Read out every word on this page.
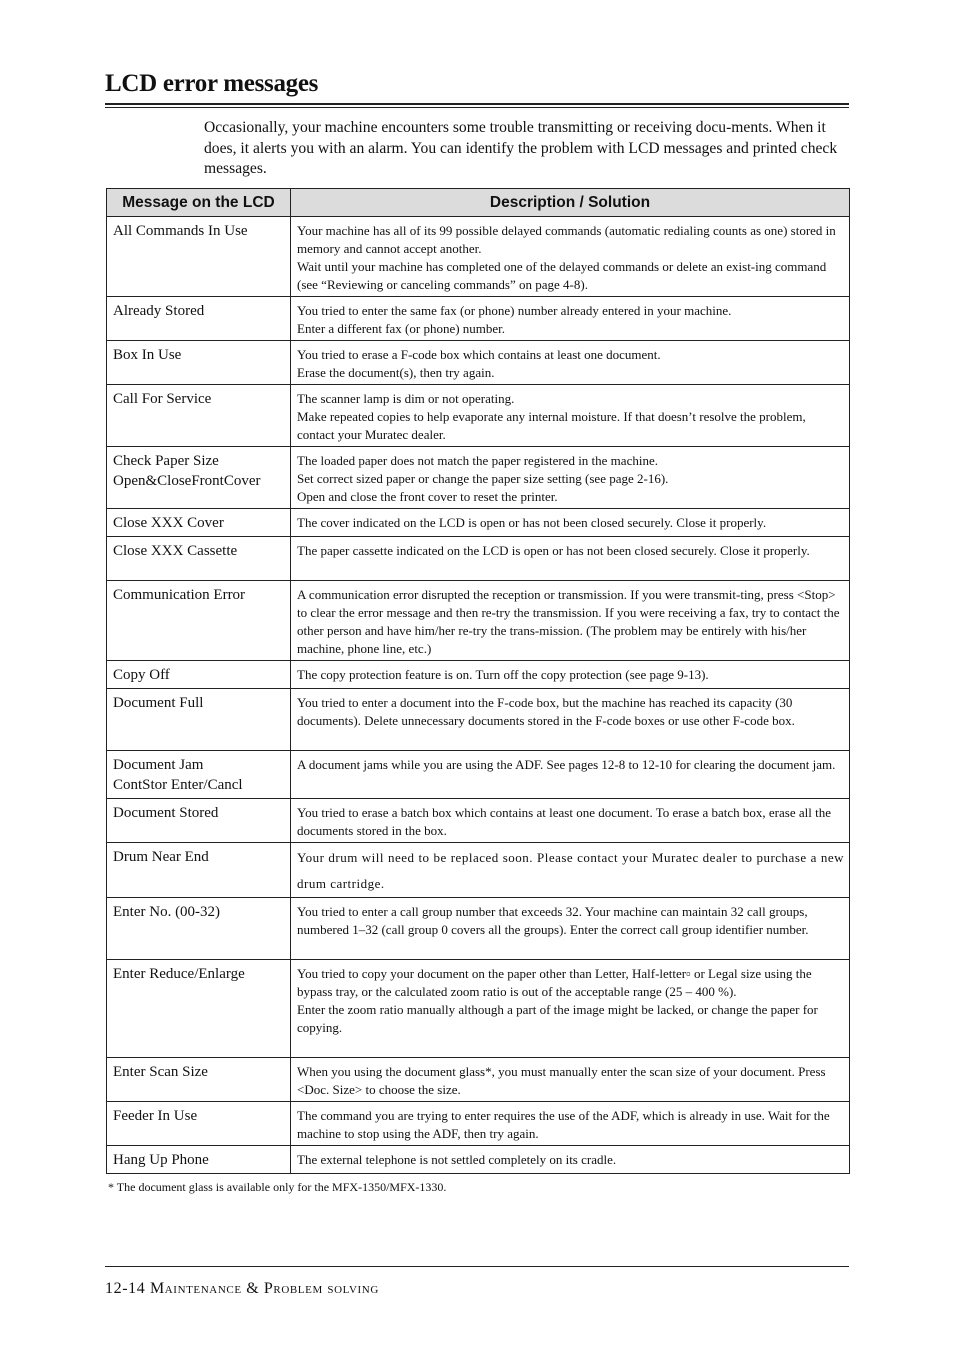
LCD error messages

Occasionally, your machine encounters some trouble transmitting or receiving docu-ments. When it does, it alerts you with an alarm. You can identify the problem with LCD messages and printed check messages.

Message on the LCD	Description / Solution

All Commands In Use	Your machine has all of its 99 possible delayed commands (automatic redialing counts as one) stored in memory and cannot accept another.
Wait until your machine has completed one of the delayed commands or delete an exist-ing command (see “Reviewing or canceling commands” on page 4-8).

Already Stored	You tried to enter the same fax (or phone) number already entered in your machine.
Enter a different fax (or phone) number.

Box In Use	You tried to erase a F-code box which contains at least one document.
Erase the document(s), then try again.

Call For Service	The scanner lamp is dim or not operating.
Make repeated copies to help evaporate any internal moisture. If that doesn’t resolve the problem, contact your Muratec dealer.

Check Paper Size
Open&CloseFrontCover	The loaded paper does not match the paper registered in the machine.
Set correct sized paper or change the paper size setting (see page 2-16).
Open and close the front cover to reset the printer.

Close XXX Cover	The cover indicated on the LCD is open or has not been closed securely. Close it properly.

Close XXX Cassette	The paper cassette indicated on the LCD is open or has not been closed securely. Close it properly.

Communication Error	A communication error disrupted the reception or transmission. If you were transmit-ting, press <Stop> to clear the error message and then re-try the transmission. If you were receiving a fax, try to contact the other person and have him/her re-try the trans-mission. (The problem may be entirely with his/her machine, phone line, etc.)

Copy Off	The copy protection feature is on. Turn off the copy protection (see page 9-13).

Document Full	You tried to enter a document into the F-code box, but the machine has reached its capacity (30 documents). Delete unnecessary documents stored in the F-code boxes or use other F-code box.

Document Jam
ContStor Enter/Cancl	A document jams while you are using the ADF. See pages 12-8 to 12-10 for clearing the document jam.

Document Stored	You tried to erase a batch box which contains at least one document. To erase a batch box, erase all the documents stored in the box.

Drum Near End	Your drum will need to be replaced soon. Please contact your Muratec dealer to purchase a new drum cartridge.

Enter No. (00-32)	You tried to enter a call group number that exceeds 32. Your machine can maintain 32 call groups, numbered 1–32 (call group 0 covers all the groups). Enter the correct call group identifier number.

Enter Reduce/Enlarge	You tried to copy your document on the paper other than Letter, Half-letter▫ or Legal size using the bypass tray, or the calculated zoom ratio is out of the acceptable range (25 – 400 %).
Enter the zoom ratio manually although a part of the image might be lacked, or change the paper for copying.

Enter Scan Size	When you using the document glass*, you must manually enter the scan size of your document. Press <Doc. Size> to choose the size.

Feeder In Use	The command you are trying to enter requires the use of the ADF, which is already in use. Wait for the machine to stop using the ADF, then try again.

Hang Up Phone	The external telephone is not settled completely on its cradle.

* The document glass is available only for the MFX-1350/MFX-1330.

12-14 Maintenance & Problem solving
